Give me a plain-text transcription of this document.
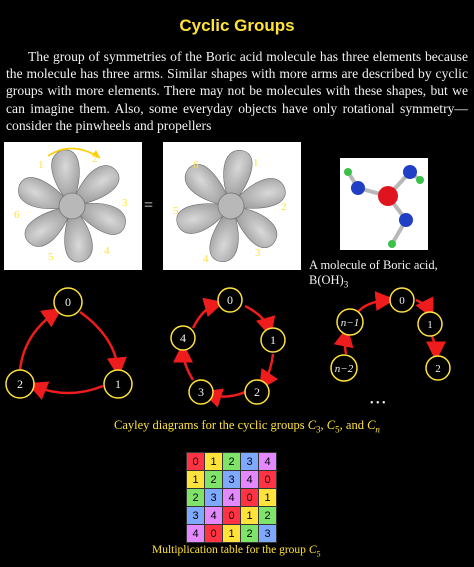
Cyclic Groups
The group of symmetries of the Boric acid molecule has three elements because the molecule has three arms. Similar shapes with more arms are described by cyclic groups with more elements. There may not be molecules with these shapes, but we can imagine them. Also, some everyday objects have only rotational symmetry—consider the pinwheels and propellers
1	2
3
4
5
6
=
6	1
2
3
4
5
A molecule of Boric acid, $B(OH)_3$
0
1
2
0
1
2
3
4
0
1
2
n−1
n−2
• • •
Cayley diagrams for the cyclic groups $C_3$, $C_5$, and $C_n$
0	1	2	3	4
1	2	3	4	0
2	3	4	0	1
3	4	0	1	2
4	0	1	2	3
Multiplication table for the group $C_5$
